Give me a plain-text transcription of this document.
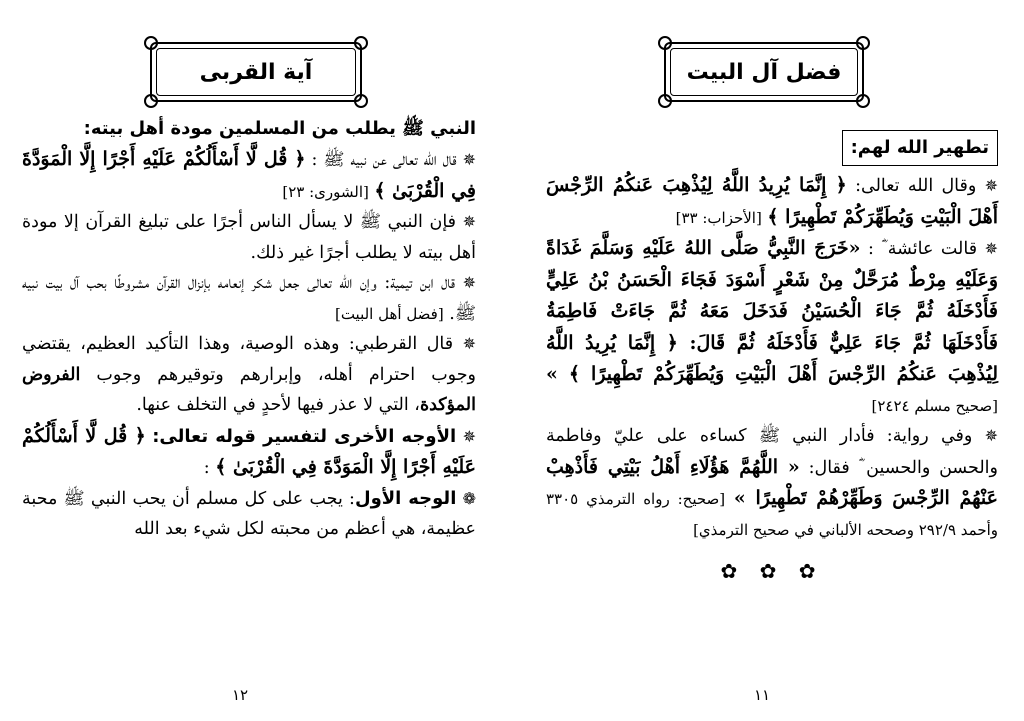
آية القربى
النبي ﷺ يطلب من المسلمين مودة أهل بيته:

✵ قال الله تعالى عن نبيه ﷺ : ﴿ قُل لَّا أَسْأَلُكُمْ عَلَيْهِ أَجْرًا إِلَّا الْمَوَدَّةَ فِي الْقُرْبَىٰ ﴾ [الشورى: ٢٣]

✵ فإن النبي ﷺ لا يسأل الناس أجرًا على تبليغ القرآن إلا مودة أهل بيته لا يطلب أجرًا غير ذلك.

✵ قال ابن تيمية: وإن الله تعالى جعل شكر إنعامه بإنزال القرآن مشروطًا بحب آل بيت نبيه ﷺ. [فضل أهل البيت]

✵ قال القرطبي: وهذه الوصية، وهذا التأكيد العظيم، يقتضي وجوب احترام أهله، وإبرارهم وتوقيرهم وجوب الفروض المؤكدة، التي لا عذر فيها لأحدٍ في التخلف عنها.

✵ الأوجه الأخرى لتفسير قوله تعالى: ﴿ قُل لَّا أَسْأَلُكُمْ عَلَيْهِ أَجْرًا إِلَّا الْمَوَدَّةَ فِي الْقُرْبَىٰ ﴾ :

❁ الوجه الأول: يجب على كل مسلم أن يحب النبي ﷺ محبة عظيمة، هي أعظم من محبته لكل شيء بعد الله

١٢
فضل آل البيت
تطهير الله لهم:

✵ وقال الله تعالى: ﴿ إِنَّمَا يُرِيدُ اللَّهُ لِيُذْهِبَ عَنكُمُ الرِّجْسَ أَهْلَ الْبَيْتِ وَيُطَهِّرَكُمْ تَطْهِيرًا ﴾ [الأحزاب: ٣٣]

✵ قالت عائشة ؓ : «خَرَجَ النَّبِيُّ صَلَّى اللهُ عَلَيْهِ وَسَلَّمَ غَدَاةً وَعَلَيْهِ مِرْطٌ مُرَحَّلٌ مِنْ شَعْرٍ أَسْوَدَ فَجَاءَ الْحَسَنُ بْنُ عَلِيٍّ فَأَدْخَلَهُ ثُمَّ جَاءَ الْحُسَيْنُ فَدَخَلَ مَعَهُ ثُمَّ جَاءَتْ فَاطِمَةُ فَأَدْخَلَهَا ثُمَّ جَاءَ عَلِيٌّ فَأَدْخَلَهُ ثُمَّ قَالَ: ﴿ إِنَّمَا يُرِيدُ اللَّهُ لِيُذْهِبَ عَنكُمُ الرِّجْسَ أَهْلَ الْبَيْتِ وَيُطَهِّرَكُمْ تَطْهِيرًا ﴾ » [صحيح مسلم ٢٤٢٤]

✵ وفي رواية: فأدار النبي ﷺ كساءه على عليّ وفاطمة والحسن والحسين ؓ فقال: « اللَّهُمَّ هَؤُلَاءِ أَهْلُ بَيْتِي فَأَذْهِبْ عَنْهُمْ الرِّجْسَ وَطَهِّرْهُمْ تَطْهِيرًا » [صحيح: رواه الترمذي ٣٣٠٥ وأحمد ٢٩٢/٩ وصححه الألباني في صحيح الترمذي]

✿ ✿ ✿
١١
